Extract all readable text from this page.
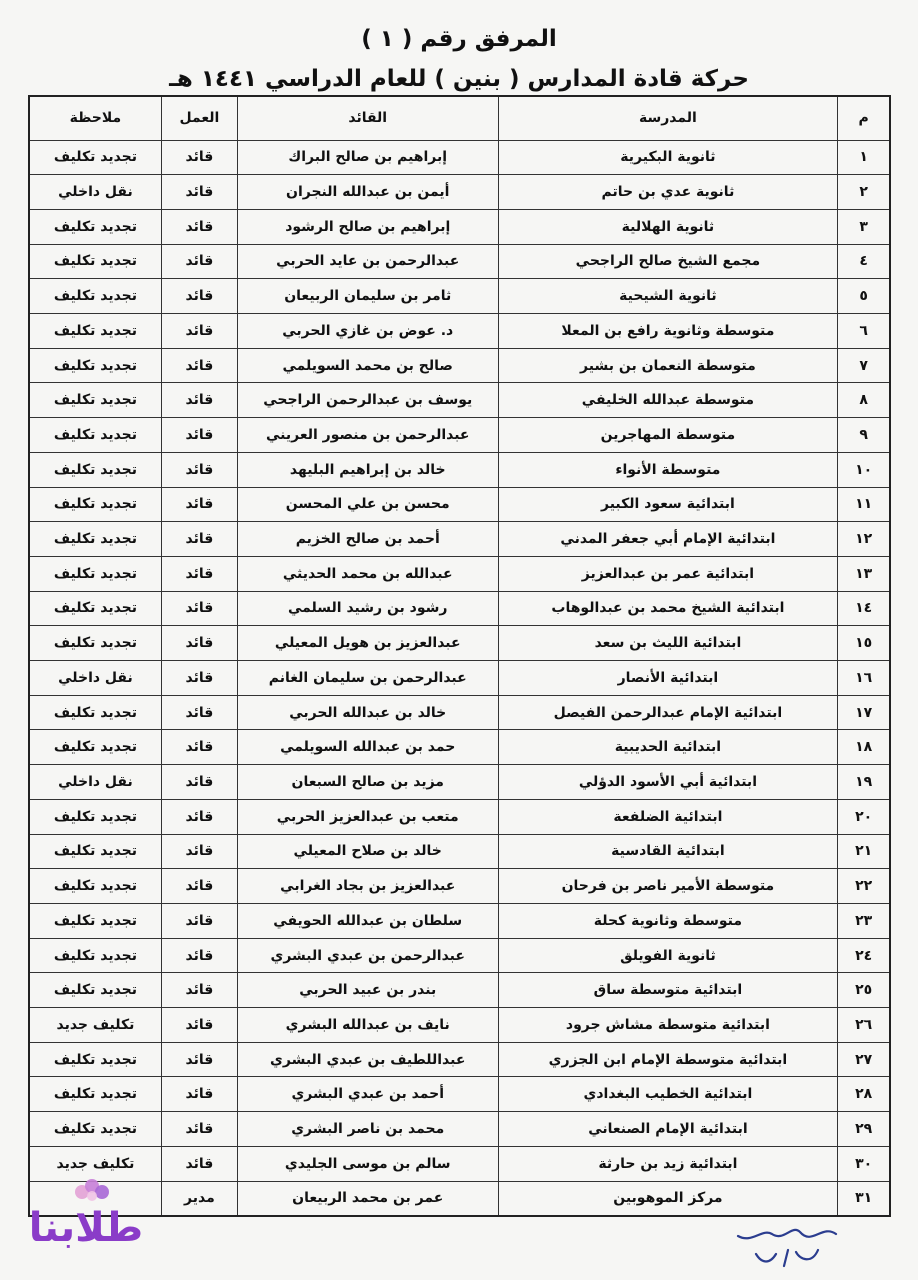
المرفق رقم ( ١ )
حركة قادة المدارس ( بنين ) للعام الدراسي ١٤٤١ هـ
م	المدرسة	القائد	العمل	ملاحظة
١	ثانوية البكيرية	إبراهيم بن صالح البراك	قائد	تجديد تكليف
٢	ثانوية عدي بن حاتم	أيمن بن عبدالله النجران	قائد	نقل داخلي
٣	ثانوية الهلالية	إبراهيم بن صالح الرشود	قائد	تجديد تكليف
٤	مجمع الشيخ صالح الراجحي	عبدالرحمن بن عايد الحربي	قائد	تجديد تكليف
٥	ثانوية الشيحية	ثامر بن سليمان الربيعان	قائد	تجديد تكليف
٦	متوسطة وثانوية رافع بن المعلا	د. عوض بن غازي الحربي	قائد	تجديد تكليف
٧	متوسطة النعمان بن بشير	صالح بن محمد السويلمي	قائد	تجديد تكليف
٨	متوسطة عبدالله الخليفي	يوسف بن عبدالرحمن الراجحي	قائد	تجديد تكليف
٩	متوسطة المهاجرين	عبدالرحمن بن منصور العريني	قائد	تجديد تكليف
١٠	متوسطة الأنواء	خالد بن إبراهيم البليهد	قائد	تجديد تكليف
١١	ابتدائية سعود الكبير	محسن بن علي المحسن	قائد	تجديد تكليف
١٢	ابتدائية الإمام أبي جعفر المدني	أحمد بن صالح الخزيم	قائد	تجديد تكليف
١٣	ابتدائية عمر بن عبدالعزيز	عبدالله بن محمد الحديثي	قائد	تجديد تكليف
١٤	ابتدائية الشيخ محمد بن عبدالوهاب	رشود بن رشيد السلمي	قائد	تجديد تكليف
١٥	ابتدائية الليث بن سعد	عبدالعزيز بن هويل المعيلي	قائد	تجديد تكليف
١٦	ابتدائية الأنصار	عبدالرحمن بن سليمان الغانم	قائد	نقل داخلي
١٧	ابتدائية الإمام عبدالرحمن الفيصل	خالد بن عبدالله الحربي	قائد	تجديد تكليف
١٨	ابتدائية الحديبية	حمد بن عبدالله السويلمي	قائد	تجديد تكليف
١٩	ابتدائية أبي الأسود الدؤلي	مزيد بن صالح السبعان	قائد	نقل داخلي
٢٠	ابتدائية الضلفعة	متعب بن عبدالعزيز الحربي	قائد	تجديد تكليف
٢١	ابتدائية القادسية	خالد بن صلاح المعيلي	قائد	تجديد تكليف
٢٢	متوسطة الأمير ناصر بن فرحان	عبدالعزيز بن بجاد الغرابي	قائد	تجديد تكليف
٢٣	متوسطة وثانوية كحلة	سلطان بن عبدالله الحويفي	قائد	تجديد تكليف
٢٤	ثانوية الفويلق	عبدالرحمن بن عبدي البشري	قائد	تجديد تكليف
٢٥	ابتدائية متوسطة ساق	بندر بن عبيد الحربي	قائد	تجديد تكليف
٢٦	ابتدائية متوسطة مشاش جرود	نايف بن عبدالله البشري	قائد	تكليف جديد
٢٧	ابتدائية متوسطة الإمام ابن الجزري	عبداللطيف بن عبدي البشري	قائد	تجديد تكليف
٢٨	ابتدائية الخطيب البغدادي	أحمد بن عبدي البشري	قائد	تجديد تكليف
٢٩	ابتدائية الإمام الصنعاني	محمد بن ناصر البشري	قائد	تجديد تكليف
٣٠	ابتدائية زيد بن حارثة	سالم بن موسى الجليدي	قائد	تكليف جديد
٣١	مركز الموهوبين	عمر بن محمد الربيعان	مدير	
طلابنا
